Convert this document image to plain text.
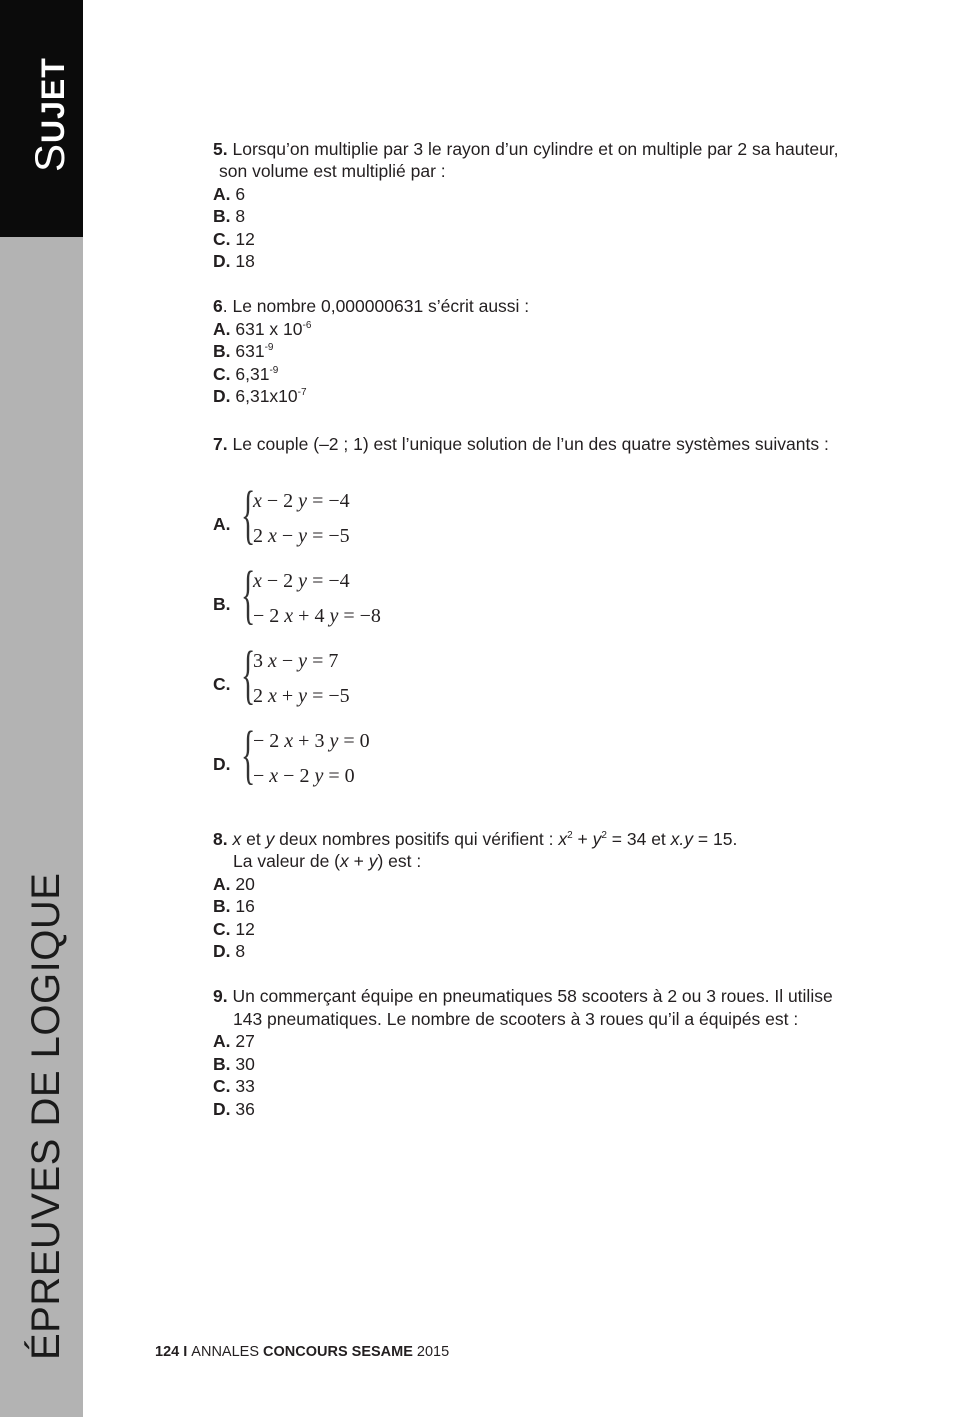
SUJET
ÉPREUVES DE LOGIQUE
5. Lorsqu’on multiplie par 3 le rayon d’un cylindre et on multiple par 2 sa hauteur,
son volume est multiplié par :
A. 6
B. 8
C. 12
D. 18
6. Le nombre 0,000000631 s’écrit aussi :
A. 631 x $10^{-6}$
B. $631^{-9}$
C. $6,31^{-9}$
D. $6,31x10^{-7}$
7. Le couple (–2 ; 1) est l’unique solution de l’un des quatre systèmes suivants :
A. {
x − 2 y = −4
2 x − y = −5
B. {
x − 2 y = −4
− 2 x + 4 y = −8
C. {
3 x − y = 7
2 x + y = −5
D. {
− 2 x + 3 y = 0
− x − 2 y = 0
8. x et y deux nombres positifs qui vérifient : $x^2 + y^2 = 34$ et x.y = 15.
La valeur de (x + y) est :
A. 20
B. 16
C. 12
D. 8
9. Un commerçant équipe en pneumatiques 58 scooters à 2 ou 3 roues. Il utilise
143 pneumatiques. Le nombre de scooters à 3 roues qu’il a équipés est :
A. 27
B. 30
C. 33
D. 36
124 I ANNALES CONCOURS SESAME 2015
